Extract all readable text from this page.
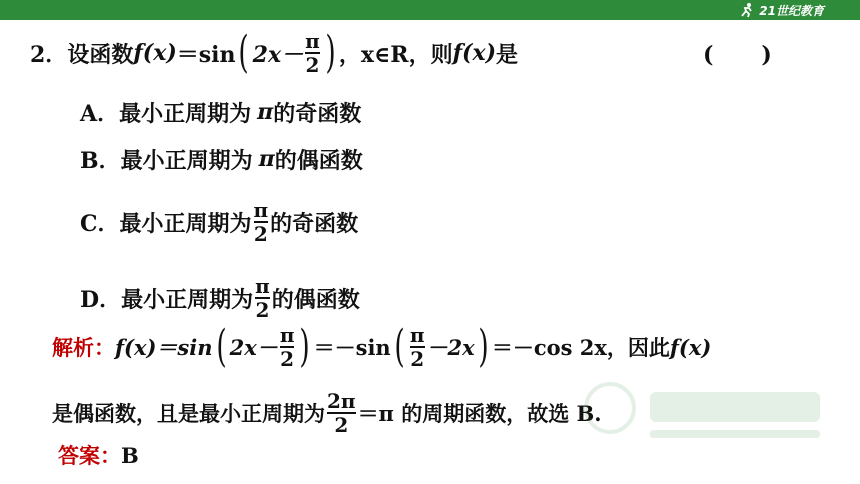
21世纪教育
2． 设函数 f(x) ＝sin ( $2x- \frac{\pi}{2}$ ) ，x∈R，则 f(x) 是	( )
A． 最小正周期为 π 的奇函数
B． 最小正周期为 π 的偶函数
C． 最小正周期为 $\frac{\pi}{2}$ 的奇函数
D． 最小正周期为 $\frac{\pi}{2}$ 的偶函数
解析： f(x)＝sin ( $2x- \frac{\pi}{2}$ ) ＝－sin ( $\frac{\pi}{2} -2x$ ) ＝－cos 2x，因此 f(x)
是偶函数，且是最小正周期为 $\frac{2\pi}{2} =\pi$ 的周期函数，故选 B.
答案： B
